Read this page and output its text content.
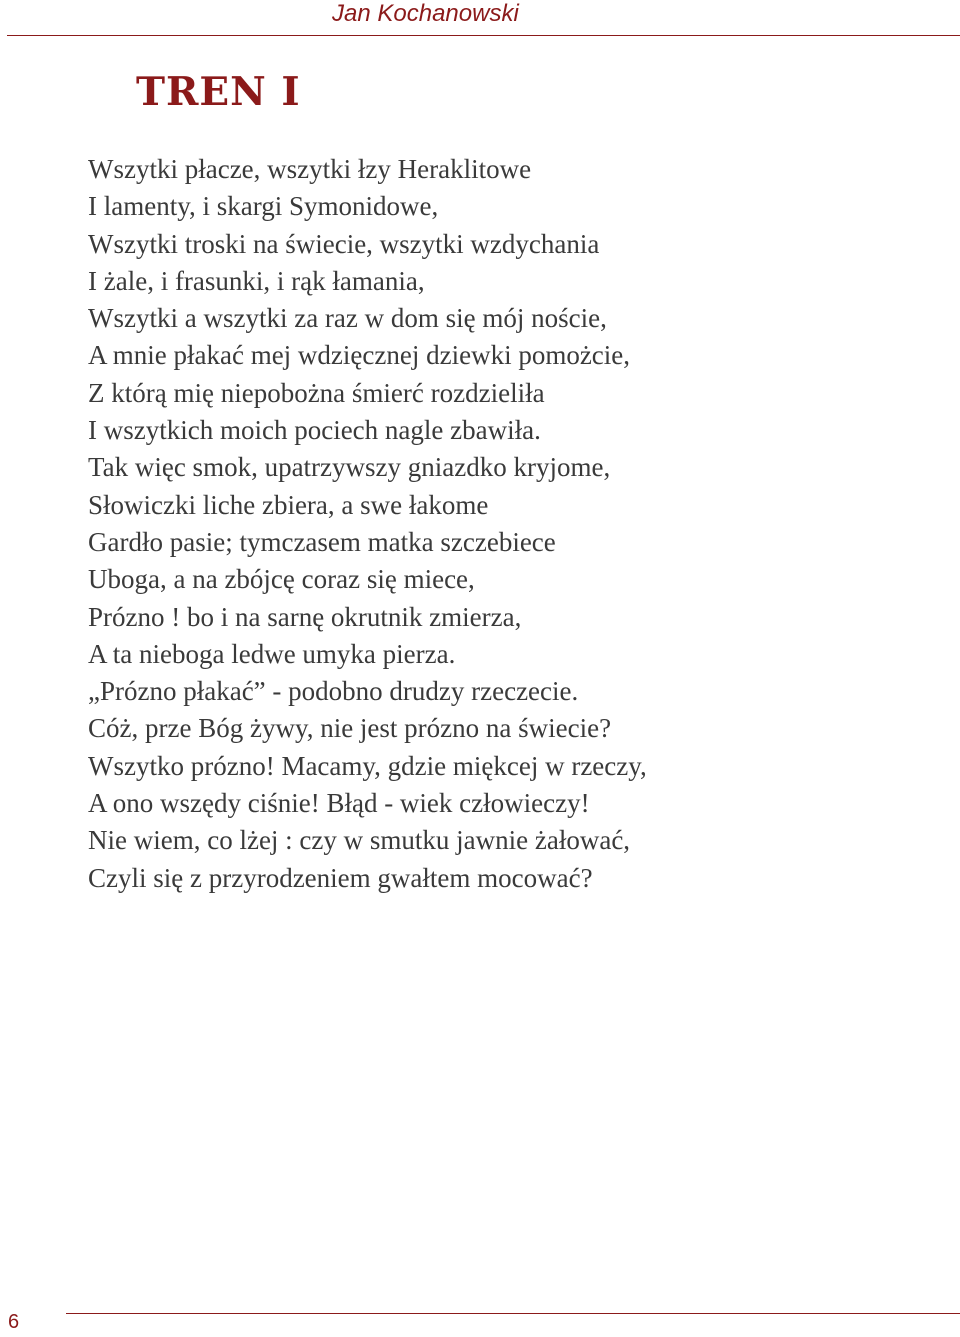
Jan Kochanowski
TREN I
Wszytki płacze, wszytki łzy Heraklitowe
I lamenty, i skargi Symonidowe,
Wszytki troski na świecie, wszytki wzdychania
I żale, i frasunki, i rąk łamania,
Wszytki a wszytki za raz w dom się mój noście,
A mnie płakać mej wdzięcznej dziewki pomożcie,
Z którą mię niepobożna śmierć rozdzieliła
I wszytkich moich pociech nagle zbawiła.
Tak więc smok, upatrzywszy gniazdko kryjome,
Słowiczki liche zbiera, a swe łakome
Gardło pasie; tymczasem matka szczebiece
Uboga, a na zbójcę coraz się miece,
Prózno ! bo i na sarnę okrutnik zmierza,
A ta nieboga ledwe umyka pierza.
„Prózno płakać” - podobno drudzy rzeczecie.
Cóż, prze Bóg żywy, nie jest prózno na świecie?
Wszytko prózno! Macamy, gdzie miękcej w rzeczy,
A ono wszędy ciśnie! Błąd - wiek człowieczy!
Nie wiem, co lżej : czy w smutku jawnie żałować,
Czyli się z przyrodzeniem gwałtem mocować?
6
